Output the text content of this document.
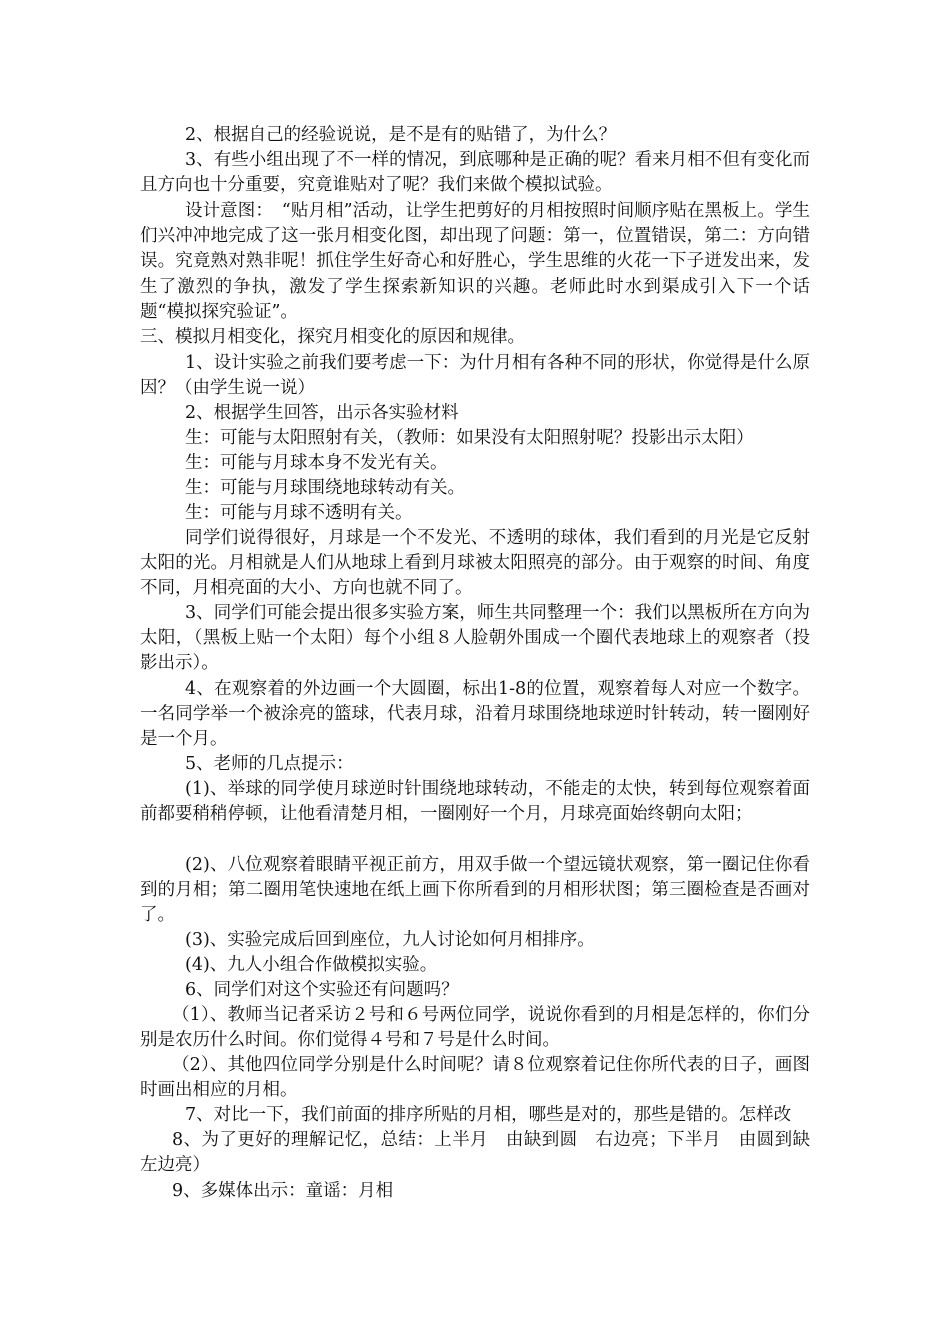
2、根据自己的经验说说，是不是有的贴错了，为什么？

3、有些小组出现了不一样的情况，到底哪种是正确的呢？看来月相不但有变化而且方向也十分重要，究竟谁贴对了呢？我们来做个模拟试验。

设计意图：　“贴月相”活动，让学生把剪好的月相按照时间顺序贴在黑板上。学生们兴冲冲地完成了这一张月相变化图，却出现了问题：第一，位置错误，第二：方向错误。究竟熟对熟非呢！抓住学生好奇心和好胜心，学生思维的火花一下子迸发出来，发生了激烈的争执，激发了学生探索新知识的兴趣。老师此时水到渠成引入下一个话题“模拟探究验证”。

三、模拟月相变化，探究月相变化的原因和规律。

1、设计实验之前我们要考虑一下：为什月相有各种不同的形状，你觉得是什么原因？（由学生说一说）

2、根据学生回答，出示各实验材料

生：可能与太阳照射有关，（教师：如果没有太阳照射呢？投影出示太阳）

生：可能与月球本身不发光有关。

生：可能与月球围绕地球转动有关。

生：可能与月球不透明有关。

同学们说得很好，月球是一个不发光、不透明的球体，我们看到的月光是它反射太阳的光。月相就是人们从地球上看到月球被太阳照亮的部分。由于观察的时间、角度不同，月相亮面的大小、方向也就不同了。

3、同学们可能会提出很多实验方案，师生共同整理一个：我们以黑板所在方向为太阳，（黑板上贴一个太阳）每个小组８人脸朝外围成一个圈代表地球上的观察者（投影出示）。

4、在观察着的外边画一个大圆圈，标出1-8的位置，观察着每人对应一个数字。一名同学举一个被涂亮的篮球，代表月球，沿着月球围绕地球逆时针转动，转一圈刚好是一个月。

5、老师的几点提示：

(1)、举球的同学使月球逆时针围绕地球转动，不能走的太快，转到每位观察着面前都要稍稍停顿，让他看清楚月相，一圈刚好一个月，月球亮面始终朝向太阳；

(2)、八位观察着眼睛平视正前方，用双手做一个望远镜状观察，第一圈记住你看到的月相；第二圈用笔快速地在纸上画下你所看到的月相形状图；第三圈检查是否画对了。

(3)、实验完成后回到座位，九人讨论如何月相排序。

(4)、九人小组合作做模拟实验。

6、同学们对这个实验还有问题吗？

（1）、教师当记者采访２号和６号两位同学，说说你看到的月相是怎样的，你们分别是农历什么时间。你们觉得４号和７号是什么时间。

（2）、其他四位同学分别是什么时间呢？请８位观察着记住你所代表的日子，画图时画出相应的月相。

7、对比一下，我们前面的排序所贴的月相，哪些是对的，那些是错的。怎样改

8、为了更好的理解记忆，总结：上半月　由缺到圆　右边亮；下半月　由圆到缺　左边亮）

9、多媒体出示：童谣：月相
